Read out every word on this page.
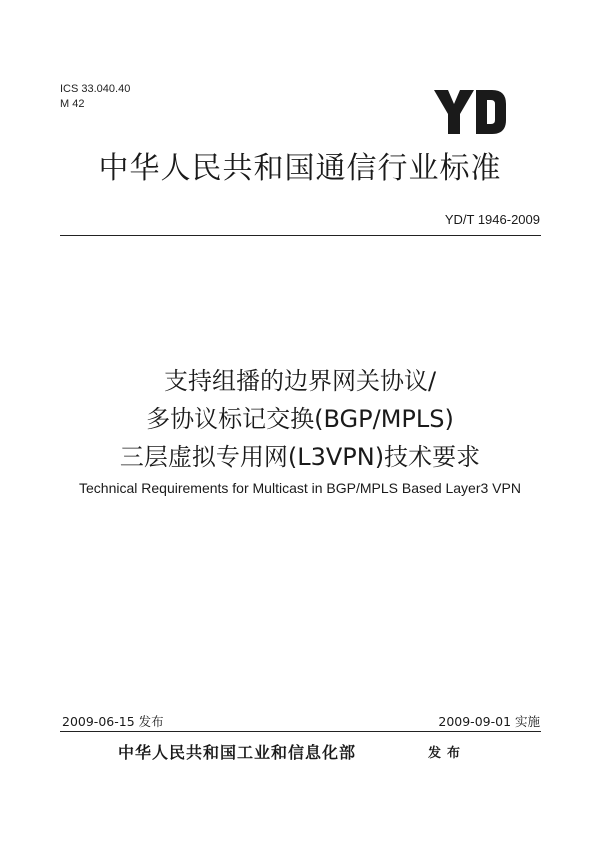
ICS 33.040.40
M 42
中华人民共和国通信行业标准
YD/T 1946-2009
支持组播的边界网关协议/
多协议标记交换(BGP/MPLS)
三层虚拟专用网(L3VPN)技术要求
Technical Requirements for Multicast in BGP/MPLS Based Layer3 VPN
2009-06-15 发布	2009-09-01 实施
中华人民共和国工业和信息化部	发布
